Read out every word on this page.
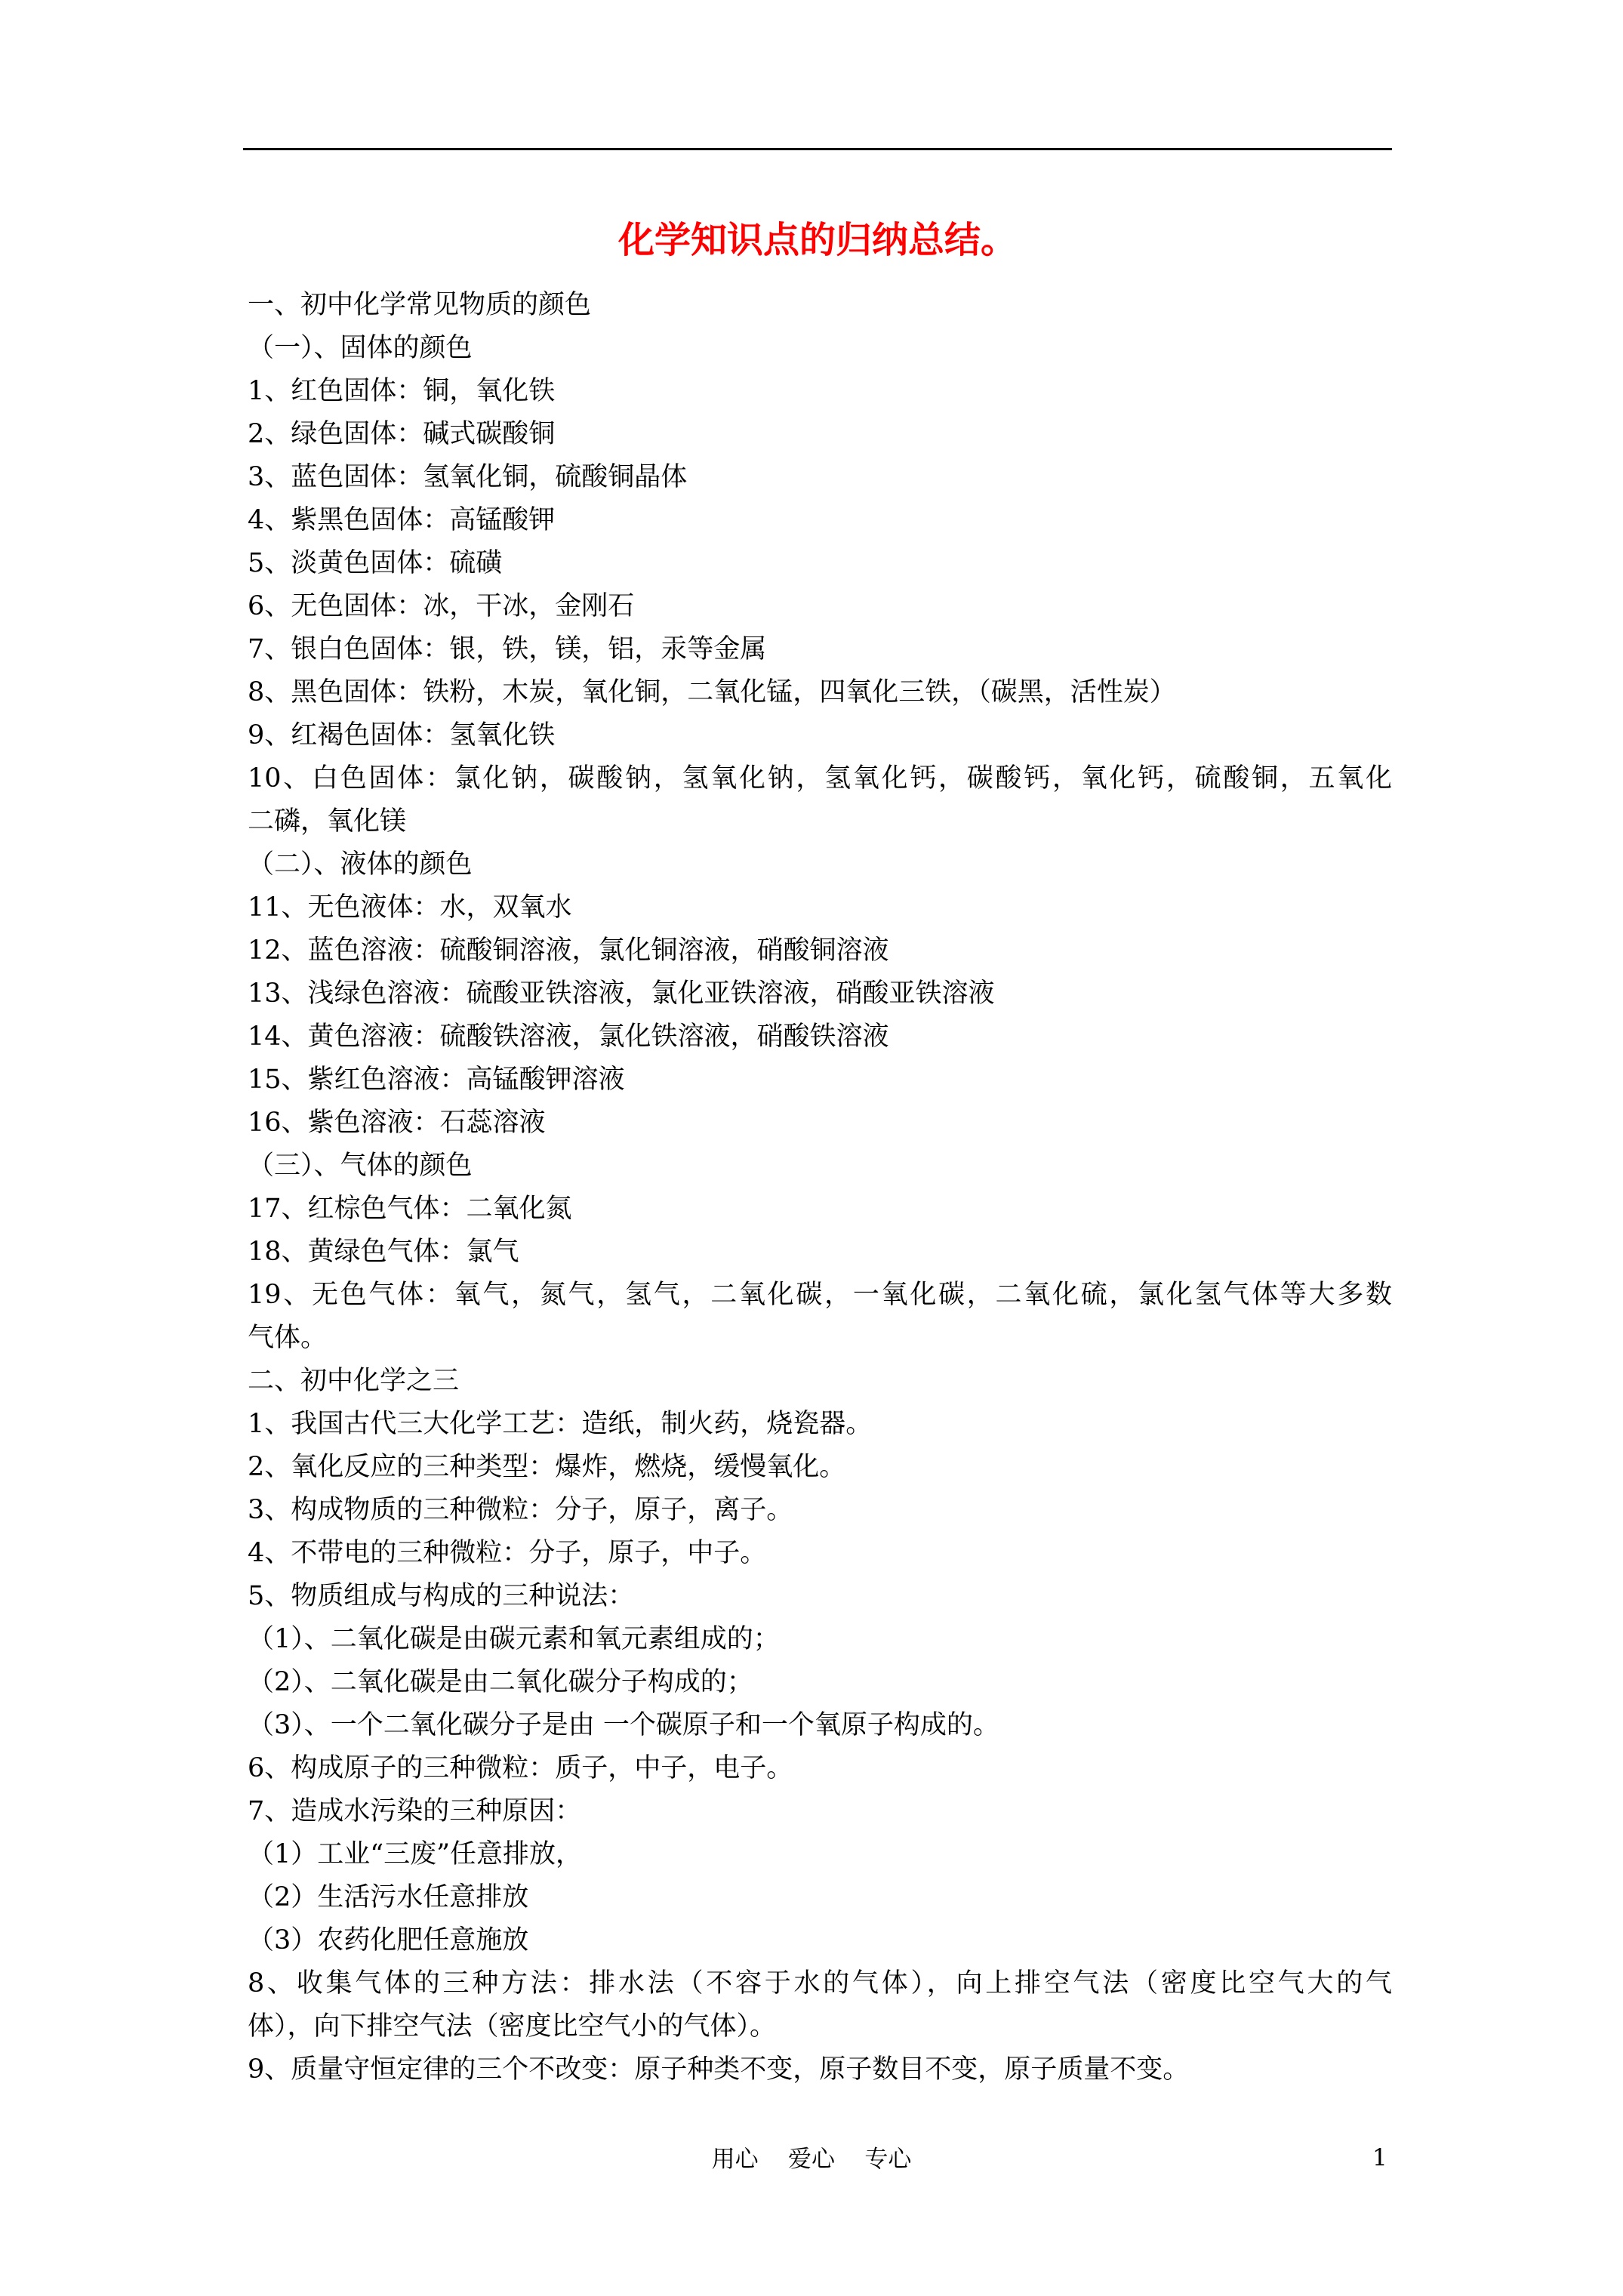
化学知识点的归纳总结。
一、初中化学常见物质的颜色
（一）、固体的颜色
1、红色固体：铜，氧化铁
2、绿色固体：碱式碳酸铜
3、蓝色固体：氢氧化铜，硫酸铜晶体
4、紫黑色固体：高锰酸钾
5、淡黄色固体：硫磺
6、无色固体：冰，干冰，金刚石
7、银白色固体：银，铁，镁，铝，汞等金属
8、黑色固体：铁粉，木炭，氧化铜，二氧化锰，四氧化三铁，（碳黑，活性炭）
9、红褐色固体：氢氧化铁
10、白色固体：氯化钠，碳酸钠，氢氧化钠，氢氧化钙，碳酸钙，氧化钙，硫酸铜，五氧化
二磷，氧化镁
（二）、液体的颜色
11、无色液体：水，双氧水
12、蓝色溶液：硫酸铜溶液，氯化铜溶液，硝酸铜溶液
13、浅绿色溶液：硫酸亚铁溶液，氯化亚铁溶液，硝酸亚铁溶液
14、黄色溶液：硫酸铁溶液，氯化铁溶液，硝酸铁溶液
15、紫红色溶液：高锰酸钾溶液
16、紫色溶液：石蕊溶液
（三）、气体的颜色
17、红棕色气体：二氧化氮
18、黄绿色气体：氯气
19、无色气体：氧气，氮气，氢气，二氧化碳，一氧化碳，二氧化硫，氯化氢气体等大多数
气体。
二、初中化学之三
1、我国古代三大化学工艺：造纸，制火药，烧瓷器。
2、氧化反应的三种类型：爆炸，燃烧，缓慢氧化。
3、构成物质的三种微粒：分子，原子，离子。
4、不带电的三种微粒：分子，原子，中子。
5、物质组成与构成的三种说法：
（1）、二氧化碳是由碳元素和氧元素组成的；
（2）、二氧化碳是由二氧化碳分子构成的；
（3）、一个二氧化碳分子是由 一个碳原子和一个氧原子构成的。
6、构成原子的三种微粒：质子，中子，电子。
7、造成水污染的三种原因：
（1）工业“三废”任意排放，
（2）生活污水任意排放
（3）农药化肥任意施放
8、收集气体的三种方法：排水法（不容于水的气体），向上排空气法（密度比空气大的气
体），向下排空气法（密度比空气小的气体）。
9、质量守恒定律的三个不改变：原子种类不变，原子数目不变，原子质量不变。
用心    爱心    专心	1
